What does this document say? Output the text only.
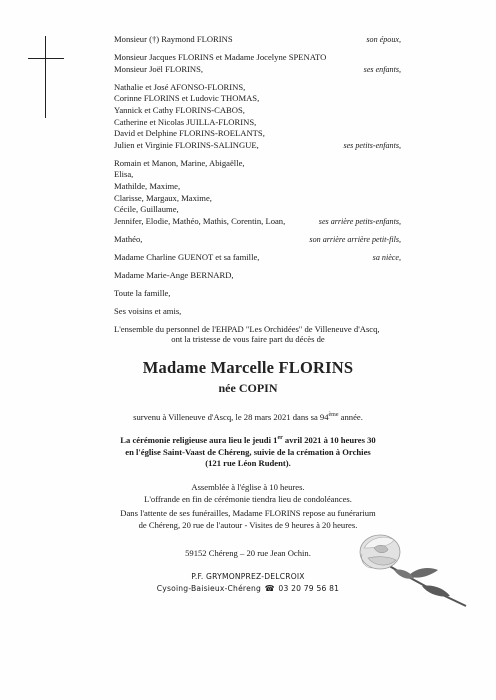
Monsieur (†) Raymond FLORINS	son époux,
Monsieur Jacques FLORINS et Madame Jocelyne SPENATO
Monsieur Joël FLORINS,	ses enfants,
Nathalie et José AFONSO-FLORINS,
Corinne FLORINS et Ludovic THOMAS,
Yannick et Cathy FLORINS-CABOS,
Catherine et Nicolas JUILLA-FLORINS,
David et Delphine FLORINS-ROELANTS,
Julien et Virginie FLORINS-SALINGUE,	ses petits-enfants,
Romain et Manon, Marine, Abigaëlle,
Elisa,
Mathilde, Maxime,
Clarisse, Margaux, Maxime,
Cécile, Guillaume,
Jennifer, Elodie, Mathéo, Mathis, Corentin, Loan,	ses arrière petits-enfants,
Mathéo,	son arrière arrière petit-fils,
Madame Charline GUENOT et sa famille,	sa nièce,
Madame Marie-Ange BERNARD,
Toute la famille,
Ses voisins et amis,
L'ensemble du personnel de l'EHPAD "Les Orchidées" de Villeneuve d'Ascq,
ont la tristesse de vous faire part du décès de
Madame Marcelle FLORINS
née COPIN
survenu à Villeneuve d'Ascq, le 28 mars 2021 dans sa 94ème année.
La cérémonie religieuse aura lieu le jeudi 1er avril 2021 à 10 heures 30
en l'église Saint-Vaast de Chéreng, suivie de la crémation à Orchies
(121 rue Léon Rudent).
Assemblée à l'église à 10 heures.
L'offrande en fin de cérémonie tiendra lieu de condoléances.
Dans l'attente de ses funérailles, Madame FLORINS repose au funérarium
de Chéreng, 20 rue de l'autour - Visites de 9 heures à 20 heures.
59152 Chéreng – 20 rue Jean Ochin.
P.F. GRYMONPREZ-DELCROIX
Cysoing-Baisieux-Chéreng ☎ 03 20 79 56 81
